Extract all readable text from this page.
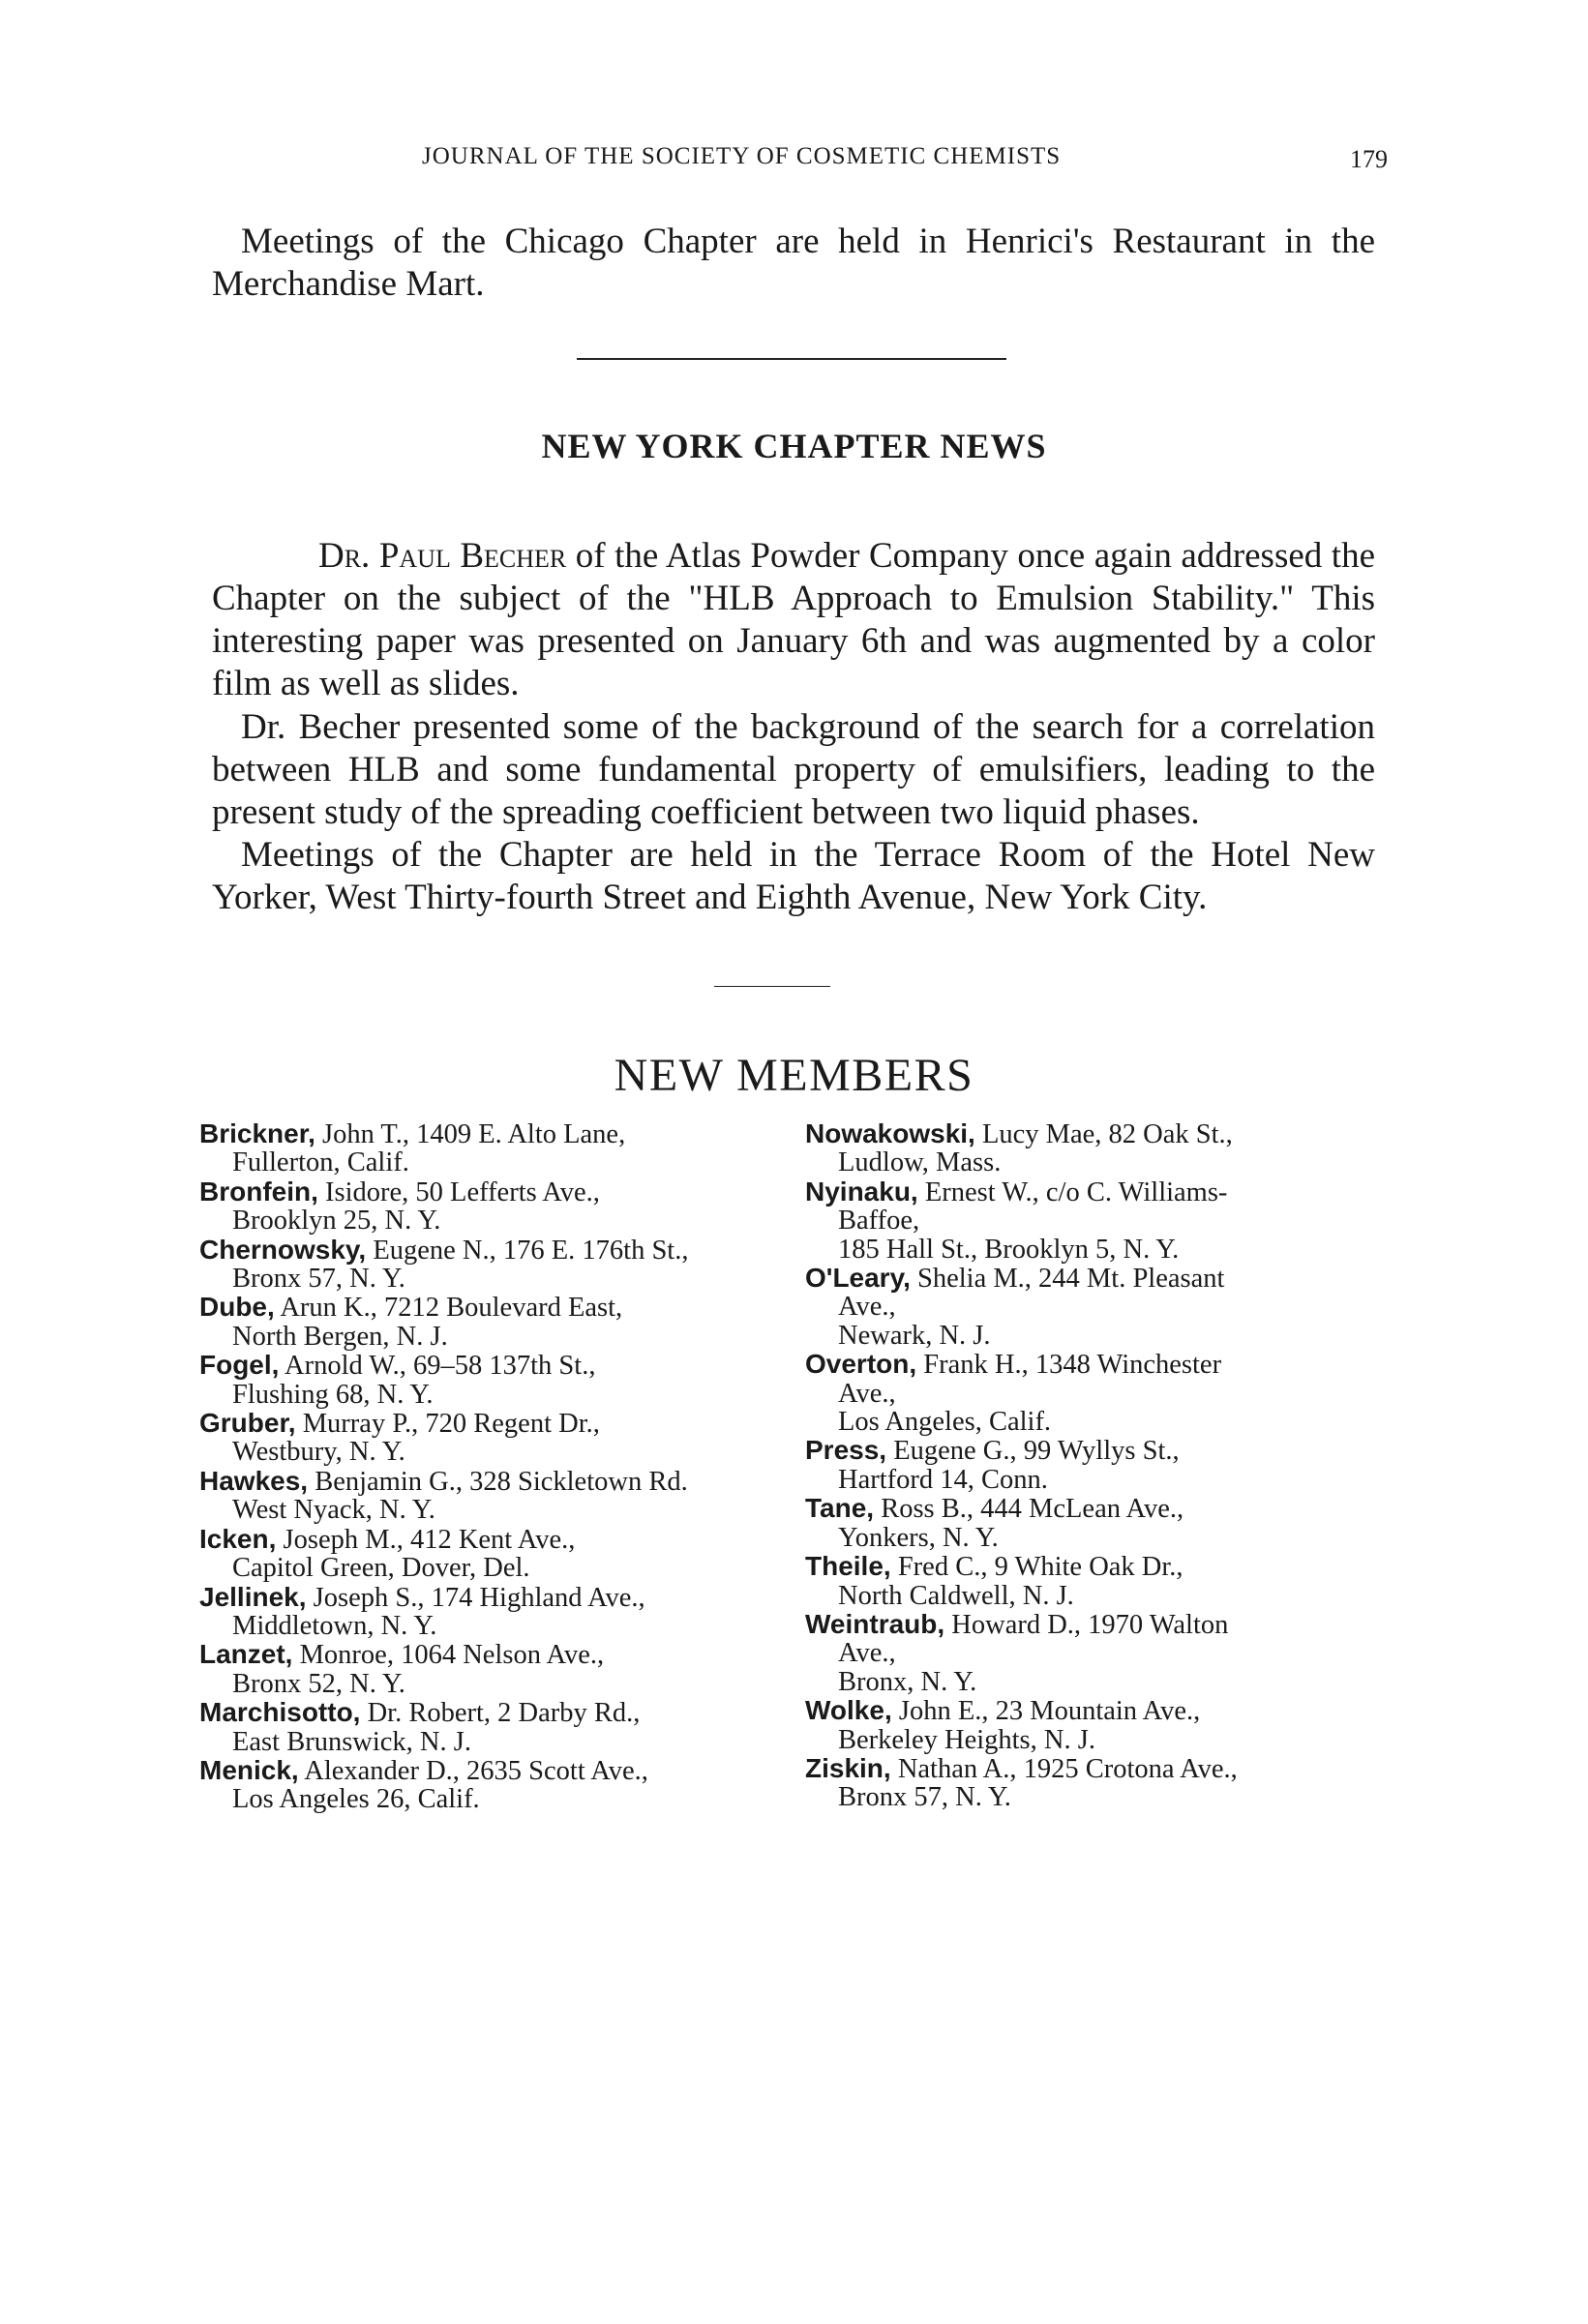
JOURNAL OF THE SOCIETY OF COSMETIC CHEMISTS	179

Meetings of the Chicago Chapter are held in Henrici's Restaurant in the Merchandise Mart.

NEW YORK CHAPTER NEWS

Dr. Paul Becher of the Atlas Powder Company once again addressed the Chapter on the subject of the "HLB Approach to Emulsion Stability." This interesting paper was presented on January 6th and was augmented by a color film as well as slides.

Dr. Becher presented some of the background of the search for a correlation between HLB and some fundamental property of emulsifiers, leading to the present study of the spreading coefficient between two liquid phases.

Meetings of the Chapter are held in the Terrace Room of the Hotel New Yorker, West Thirty-fourth Street and Eighth Avenue, New York City.

NEW MEMBERS

Brickner, John T., 1409 E. Alto Lane,
Fullerton, Calif.

Bronfein, Isidore, 50 Lefferts Ave.,
Brooklyn 25, N. Y.

Chernowsky, Eugene N., 176 E. 176th St.,
Bronx 57, N. Y.

Dube, Arun K., 7212 Boulevard East,
North Bergen, N. J.

Fogel, Arnold W., 69–58 137th St.,
Flushing 68, N. Y.

Gruber, Murray P., 720 Regent Dr.,
Westbury, N. Y.

Hawkes, Benjamin G., 328 Sickletown Rd.
West Nyack, N. Y.

Icken, Joseph M., 412 Kent Ave.,
Capitol Green, Dover, Del.

Jellinek, Joseph S., 174 Highland Ave.,
Middletown, N. Y.

Lanzet, Monroe, 1064 Nelson Ave.,
Bronx 52, N. Y.

Marchisotto, Dr. Robert, 2 Darby Rd.,
East Brunswick, N. J.

Menick, Alexander D., 2635 Scott Ave.,
Los Angeles 26, Calif.

Nowakowski, Lucy Mae, 82 Oak St.,
Ludlow, Mass.

Nyinaku, Ernest W., c/o C. Williams-
Baffoe,
185 Hall St., Brooklyn 5, N. Y.

O'Leary, Shelia M., 244 Mt. Pleasant
Ave.,
Newark, N. J.

Overton, Frank H., 1348 Winchester
Ave.,
Los Angeles, Calif.

Press, Eugene G., 99 Wyllys St.,
Hartford 14, Conn.

Tane, Ross B., 444 McLean Ave.,
Yonkers, N. Y.

Theile, Fred C., 9 White Oak Dr.,
North Caldwell, N. J.

Weintraub, Howard D., 1970 Walton
Ave.,
Bronx, N. Y.

Wolke, John E., 23 Mountain Ave.,
Berkeley Heights, N. J.

Ziskin, Nathan A., 1925 Crotona Ave.,
Bronx 57, N. Y.
